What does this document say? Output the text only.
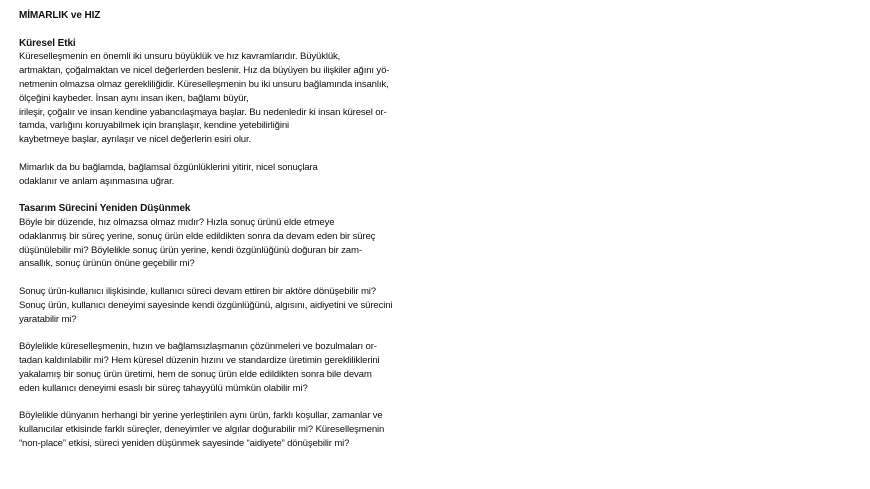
MİMARLIK ve HIZ
Küresel Etki
Küreselleşmenin en önemli iki unsuru büyüklük ve hız kavramlarıdır. Büyüklük,
artmaktan, çoğalmaktan ve nicel değerlerden beslenir. Hız da büyüyen bu ilişkiler ağını yö-
netmenin olmazsa olmaz gerekliliğidir. Küreselleşmenin bu iki unsuru bağlamında insanlık,
ölçeğini kaybeder. İnsan aynı insan iken, bağlamı büyür,
irileşir, çoğalır ve insan kendine yabancılaşmaya başlar. Bu nedenledir ki insan küresel or-
tamda, varlığını koruyabilmek için branşlaşır, kendine yetebilirliğini
kaybetmeye başlar, ayrılaşır ve nicel değerlerin esiri olur.
Mimarlık da bu bağlamda, bağlamsal özgünlüklerini yitirir, nicel sonuçlara
odaklanır ve anlam aşınmasına uğrar.
Tasarım Sürecini Yeniden Düşünmek
Böyle bir düzende, hız olmazsa olmaz mıdır? Hızla sonuç ürünü elde etmeye
odaklanmış bir süreç yerine, sonuç ürün elde edildikten sonra da devam eden bir süreç
düşünülebilir mi? Böylelikle sonuç ürün yerine, kendi özgünlüğünü doğuran bir zam-
ansallık, sonuç ürünün önüne geçebilir mi?
Sonuç ürün-kullanıcı ilişkisinde, kullanıcı süreci devam ettiren bir aktöre dönüşebilir mi?
Sonuç ürün, kullanıcı deneyimi sayesinde kendi özgünlüğünü, algısını, aidiyetini ve sürecini
yaratabilir mi?
Böylelikle küreselleşmenin, hızın ve bağlamsızlaşmanın çözünmeleri ve bozulmaları or-
tadan kaldırılabilir mi? Hem küresel düzenin hızını ve standardize üretimin gerekliliklerini
yakalamış bir sonuç ürün üretimi, hem de sonuç ürün elde edildikten sonra bile devam
eden kullanıcı deneyimi esaslı bir süreç tahayyülü mümkün olabilir mi?
Böylelikle dünyanın herhangi bir yerine yerleştirilen aynı ürün, farklı koşullar, zamanlar ve
kullanıcılar etkisinde farklı süreçler, deneyimler ve algılar doğurabilir mi? Küreselleşmenin
“non-place” etkisi, süreci yeniden düşünmek sayesinde “aidiyete” dönüşebilir mi?
